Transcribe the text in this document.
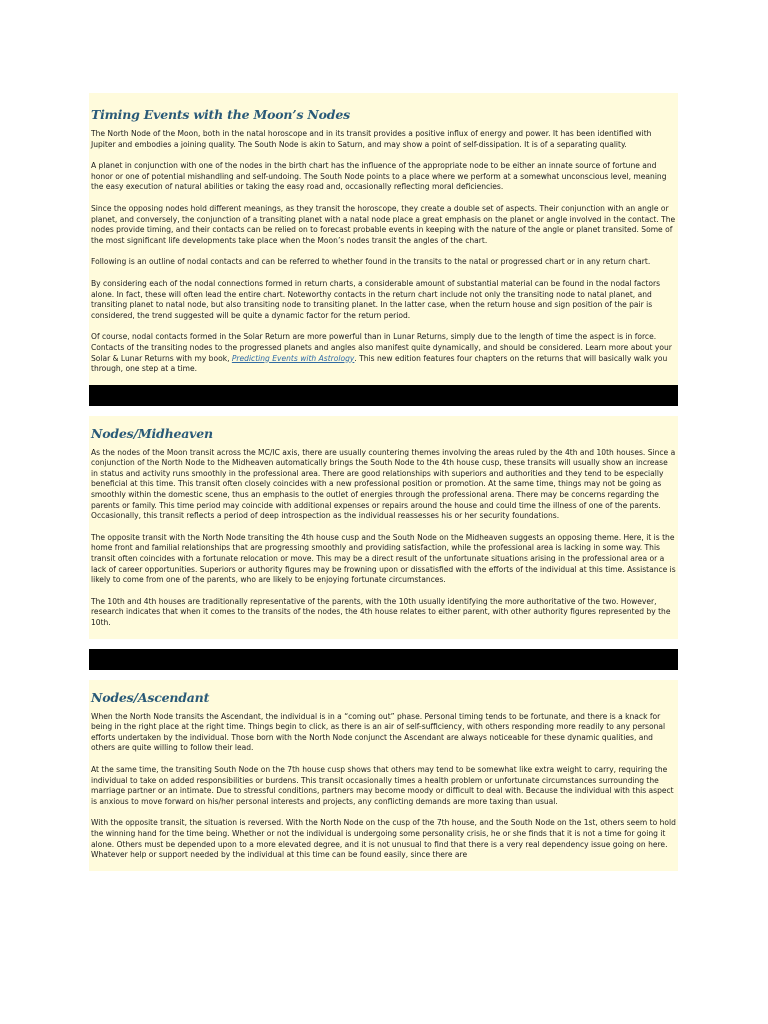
Timing Events with the Moon’s Nodes

The North Node of the Moon, both in the natal horoscope and in its transit provides a positive influx of energy and power. It has been identified with Jupiter and embodies a joining quality. The South Node is akin to Saturn, and may show a point of self-dissipation. It is of a separating quality.

A planet in conjunction with one of the nodes in the birth chart has the influence of the appropriate node to be either an innate source of fortune and honor or one of potential mishandling and self-undoing. The South Node points to a place where we perform at a somewhat unconscious level, meaning the easy execution of natural abilities or taking the easy road and, occasionally reflecting moral deficiencies.

Since the opposing nodes hold different meanings, as they transit the horoscope, they create a double set of aspects. Their conjunction with an angle or planet, and conversely, the conjunction of a transiting planet with a natal node place a great emphasis on the planet or angle involved in the contact. The nodes provide timing, and their contacts can be relied on to forecast probable events in keeping with the nature of the angle or planet transited. Some of the most significant life developments take place when the Moon’s nodes transit the angles of the chart.

Following is an outline of nodal contacts and can be referred to whether found in the transits to the natal or progressed chart or in any return chart.

By considering each of the nodal connections formed in return charts, a considerable amount of substantial material can be found in the nodal factors alone. In fact, these will often lead the entire chart. Noteworthy contacts in the return chart include not only the transiting node to natal planet, and transiting planet to natal node, but also transiting node to transiting planet. In the latter case, when the return house and sign position of the pair is considered, the trend suggested will be quite a dynamic factor for the return period.

Of course, nodal contacts formed in the Solar Return are more powerful than in Lunar Returns, simply due to the length of time the aspect is in force. Contacts of the transiting nodes to the progressed planets and angles also manifest quite dynamically, and should be considered. Learn more about your Solar & Lunar Returns with my book, Predicting Events with Astrology. This new edition features four chapters on the returns that will basically walk you through, one step at a time.

Nodes/Midheaven

As the nodes of the Moon transit across the MC/IC axis, there are usually countering themes involving the areas ruled by the 4th and 10th houses. Since a conjunction of the North Node to the Midheaven automatically brings the South Node to the 4th house cusp, these transits will usually show an increase in status and activity runs smoothly in the professional area. There are good relationships with superiors and authorities and they tend to be especially beneficial at this time. This transit often closely coincides with a new professional position or promotion. At the same time, things may not be going as smoothly within the domestic scene, thus an emphasis to the outlet of energies through the professional arena. There may be concerns regarding the parents or family. This time period may coincide with additional expenses or repairs around the house and could time the illness of one of the parents. Occasionally, this transit reflects a period of deep introspection as the individual reassesses his or her security foundations.

The opposite transit with the North Node transiting the 4th house cusp and the South Node on the Midheaven suggests an opposing theme. Here, it is the home front and familial relationships that are progressing smoothly and providing satisfaction, while the professional area is lacking in some way. This transit often coincides with a fortunate relocation or move. This may be a direct result of the unfortunate situations arising in the professional area or a lack of career opportunities. Superiors or authority figures may be frowning upon or dissatisfied with the efforts of the individual at this time. Assistance is likely to come from one of the parents, who are likely to be enjoying fortunate circumstances.

The 10th and 4th houses are traditionally representative of the parents, with the 10th usually identifying the more authoritative of the two. However, research indicates that when it comes to the transits of the nodes, the 4th house relates to either parent, with other authority figures represented by the 10th.

Nodes/Ascendant

When the North Node transits the Ascendant, the individual is in a “coming out” phase. Personal timing tends to be fortunate, and there is a knack for being in the right place at the right time. Things begin to click, as there is an air of self-sufficiency, with others responding more readily to any personal efforts undertaken by the individual. Those born with the North Node conjunct the Ascendant are always noticeable for these dynamic qualities, and others are quite willing to follow their lead.

At the same time, the transiting South Node on the 7th house cusp shows that others may tend to be somewhat like extra weight to carry, requiring the individual to take on added responsibilities or burdens. This transit occasionally times a health problem or unfortunate circumstances surrounding the marriage partner or an intimate. Due to stressful conditions, partners may become moody or difficult to deal with. Because the individual with this aspect is anxious to move forward on his/her personal interests and projects, any conflicting demands are more taxing than usual.

With the opposite transit, the situation is reversed. With the North Node on the cusp of the 7th house, and the South Node on the 1st, others seem to hold the winning hand for the time being. Whether or not the individual is undergoing some personality crisis, he or she finds that it is not a time for going it alone. Others must be depended upon to a more elevated degree, and it is not unusual to find that there is a very real dependency issue going on here. Whatever help or support needed by the individual at this time can be found easily, since there are
